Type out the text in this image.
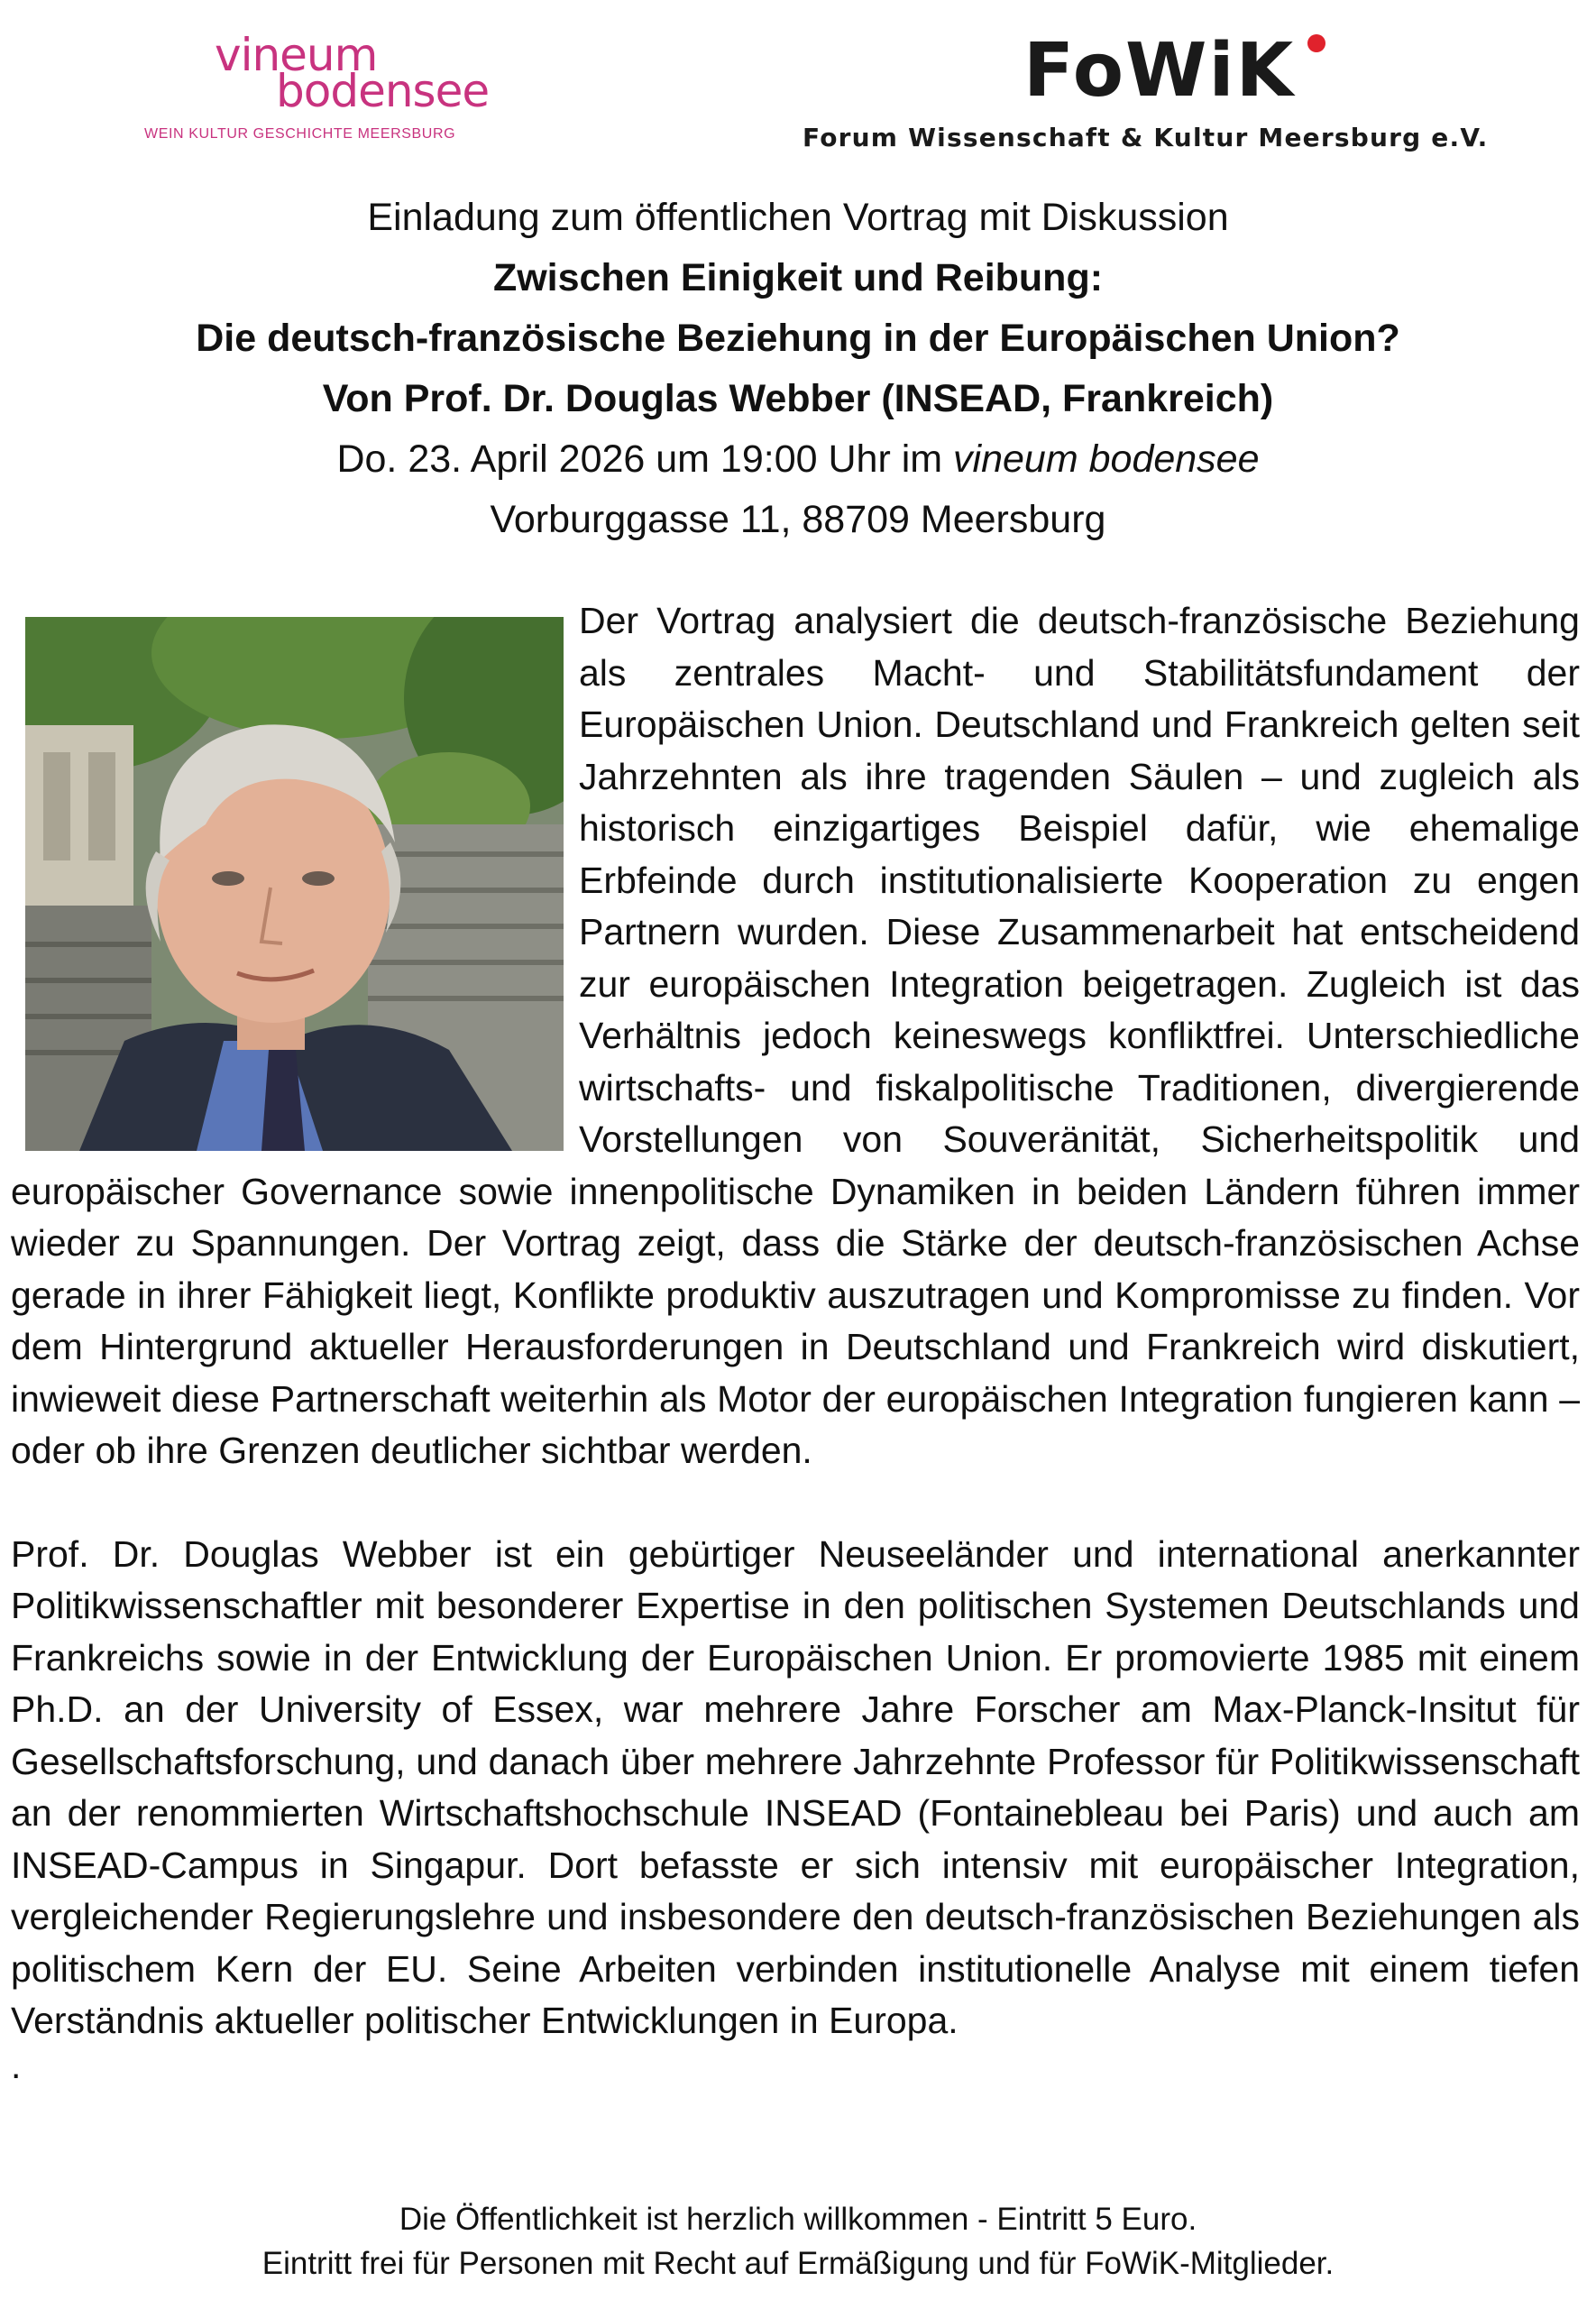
vineum
bodensee
WEIN KULTUR GESCHICHTE MEERSBURG
FoWiK
Forum Wissenschaft & Kultur Meersburg e.V.
Einladung zum öffentlichen Vortrag mit Diskussion
Zwischen Einigkeit und Reibung:
Die deutsch-französische Beziehung in der Europäischen Union?
Von Prof. Dr. Douglas Webber (INSEAD, Frankreich)
Do. 23. April 2026 um 19:00 Uhr im vineum bodensee
Vorburggasse 11, 88709 Meersburg

Der Vortrag analysiert die deutsch-französische Beziehung als zentrales Macht- und Stabilitätsfundament der Europäischen Union. Deutschland und Frankreich gelten seit Jahrzehnten als ihre tragenden Säulen – und zugleich als historisch einzigartiges Beispiel dafür, wie ehemalige Erbfeinde durch institutionalisierte Kooperation zu engen Partnern wurden. Diese Zusammenarbeit hat entscheidend zur europäischen Integration beigetragen. Zugleich ist das Verhältnis jedoch keineswegs konfliktfrei. Unterschiedliche wirtschafts- und fiskalpolitische Traditionen, divergierende Vorstellungen von Souveränität, Sicherheitspolitik und europäischer Governance sowie innenpolitische Dynamiken in beiden Ländern führen immer wieder zu Spannungen. Der Vortrag zeigt, dass die Stärke der deutsch-französischen Achse gerade in ihrer Fähigkeit liegt, Konflikte produktiv auszutragen und Kompromisse zu finden. Vor dem Hintergrund aktueller Herausforderungen in Deutschland und Frankreich wird diskutiert, inwieweit diese Partnerschaft weiterhin als Motor der europäischen Integration fungieren kann – oder ob ihre Grenzen deutlicher sichtbar werden.

Prof. Dr. Douglas Webber ist ein gebürtiger Neuseeländer und international anerkannter Politikwissenschaftler mit besonderer Expertise in den politischen Systemen Deutschlands und Frankreichs sowie in der Entwicklung der Europäischen Union. Er promovierte 1985 mit einem Ph.D. an der University of Essex, war mehrere Jahre Forscher am Max-Planck-Insitut für Gesellschaftsforschung, und danach über mehrere Jahrzehnte Professor für Politikwissenschaft an der renommierten Wirtschaftshochschule INSEAD (Fontainebleau bei Paris) und auch am INSEAD-Campus in Singapur. Dort befasste er sich intensiv mit europäischer Integration, vergleichender Regierungslehre und insbesondere den deutsch-französischen Beziehungen als politischem Kern der EU. Seine Arbeiten verbinden institutionelle Analyse mit einem tiefen Verständnis aktueller politischer Entwicklungen in Europa.

.

Die Öffentlichkeit ist herzlich willkommen - Eintritt 5 Euro.
Eintritt frei für Personen mit Recht auf Ermäßigung und für FoWiK-Mitglieder.
